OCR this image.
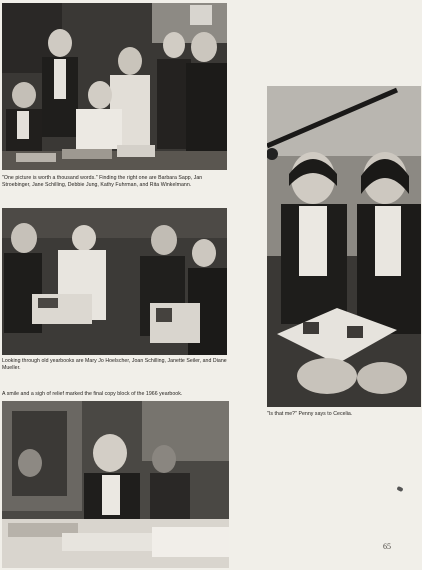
"One picture is worth a thousand words." Finding the right one are Barbara Sapp, Jan Stroebinger, Jane Schilling, Debbie Jung, Kathy Fuhrman, and Rita Winkelmann.

Looking through old yearbooks are Mary Jo Hoelscher, Joan Schilling, Janette Seiler, and Diane Mueller.

A smile and a sigh of relief marked the final copy block of the 1966 yearbook.

"Is that me?" Penny says to Cecelia.

65
